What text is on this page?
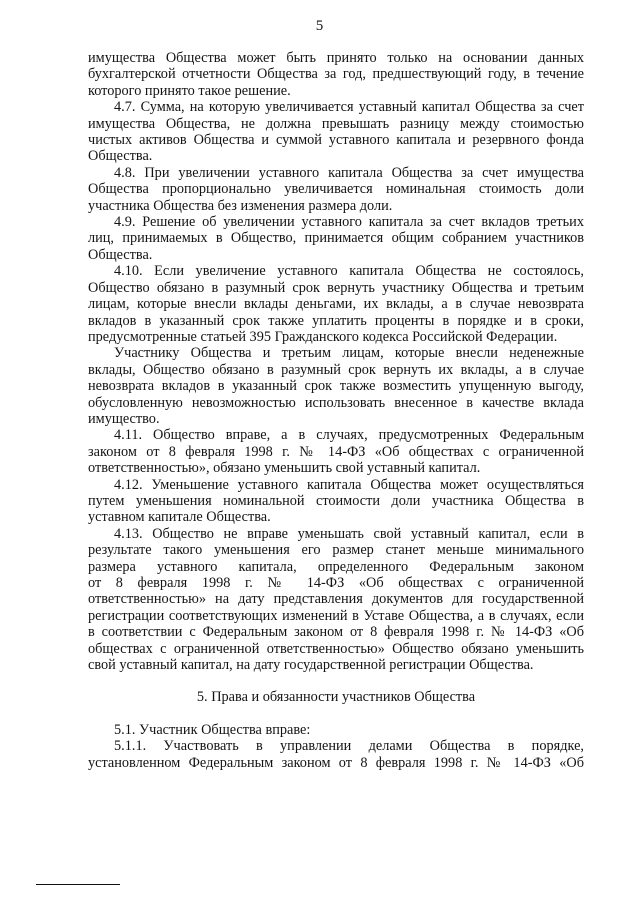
5
имущества Общества может быть принято только на основании данных
бухгалтерской отчетности Общества за год, предшествующий году, в течение
которого принято такое решение.
4.7. Сумма, на которую увеличивается уставный капитал Общества за счет
имущества Общества, не должна превышать разницу между стоимостью
чистых активов Общества и суммой уставного капитала и резервного фонда
Общества.
4.8. При увеличении уставного капитала Общества за счет имущества
Общества пропорционально увеличивается номинальная стоимость доли
участника Общества без изменения размера доли.
4.9. Решение об увеличении уставного капитала за счет вкладов третьих
лиц, принимаемых в Общество, принимается общим собранием участников
Общества.
4.10. Если увеличение уставного капитала Общества не состоялось,
Общество обязано в разумный срок вернуть участнику Общества и третьим
лицам, которые внесли вклады деньгами, их вклады, а в случае невозврата
вкладов в указанный срок также уплатить проценты в порядке и в сроки,
предусмотренные статьей 395 Гражданского кодекса Российской Федерации.
Участнику Общества и третьим лицам, которые внесли неденежные
вклады, Общество обязано в разумный срок вернуть их вклады, а в случае
невозврата вкладов в указанный срок также возместить упущенную выгоду,
обусловленную невозможностью использовать внесенное в качестве вклада
имущество.
4.11. Общество вправе, а в случаях, предусмотренных Федеральным
законом от 8 февраля 1998 г. № 14-ФЗ «Об обществах с ограниченной
ответственностью», обязано уменьшить свой уставный капитал.
4.12. Уменьшение уставного капитала Общества может осуществляться
путем уменьшения номинальной стоимости доли участника Общества в
уставном капитале Общества.
4.13. Общество не вправе уменьшать свой уставный капитал, если в
результате такого уменьшения его размер станет меньше минимального
размера уставного капитала, определенного Федеральным законом
от 8 февраля 1998 г. № 14-ФЗ «Об обществах с ограниченной
ответственностью» на дату представления документов для государственной
регистрации соответствующих изменений в Уставе Общества, а в случаях, если
в соответствии с Федеральным законом от 8 февраля 1998 г. № 14-ФЗ «Об
обществах с ограниченной ответственностью» Общество обязано уменьшить
свой уставный капитал, на дату государственной регистрации Общества.
5. Права и обязанности участников Общества
5.1. Участник Общества вправе:
5.1.1. Участвовать в управлении делами Общества в порядке,
установленном Федеральным законом от 8 февраля 1998 г. № 14-ФЗ «Об
